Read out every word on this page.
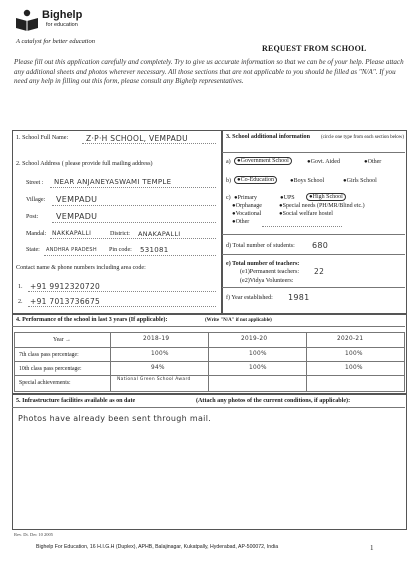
Bighelp
for education
A catalyst for better education
REQUEST FROM SCHOOL
Please fill out this application carefully and completely. Try to give us accurate information so that we can be of your help. Please attach any additional sheets and photos wherever necessary. All those sections that are not applicable to you should be filled as "N/A". If you need any help in filling out this form, please consult any Bighelp representatives.
1. School Full Name: Z·P·H SCHOOL, VEMPADU
2. School Address ( please provide full mailing address)
Street : NEAR ANJANEYASWAMI TEMPLE
Village: VEMPADU
Post: VEMPADU
Mandal: NAKKAPALLI	District: ANAKAPALLI
State: ANDHRA PRADESH Pin code: 531081
Contact name & phone numbers including area code:
1. +91 9912320720
2. +91 7013736675
3. School additional information (circle one type from each section below)
a)	●Government School	●Govt. Aided	●Other
b)	●Co-Education	●Boys School	●Girls School
c) ●Primary	●UPS	●High School
●Orphanage	●Special needs (PH/MR/Blind etc.)
●Vocational	●Social welfare hostel
●Other
d) Total number of students: 680
e) Total number of teachers:
(e1)Permanent teachers: 22
(e2)Vidya Volunteers:
f) Year established: 1981
4. Performance of the school in last 3 years (If applicable):	(Write "N/A" if not applicable)
Year →	2018-19	2019-20	2020-21
7th class pass percentage:	100%	100%	100%
10th class pass percentage:	94%	100%	100%
Special achievements:
National Green School Award
5. Infrastructure facilities available as on date	(Attach any photos of the current conditions, if applicable):
Photos have already been sent through mail.
Rev. Dt. Dec 10 2005
Bighelp For Education, 16 H.I.G.H (Duplex), APHB, Balajinagar, Kukatpally, Hyderabad, AP-500072, India	1
